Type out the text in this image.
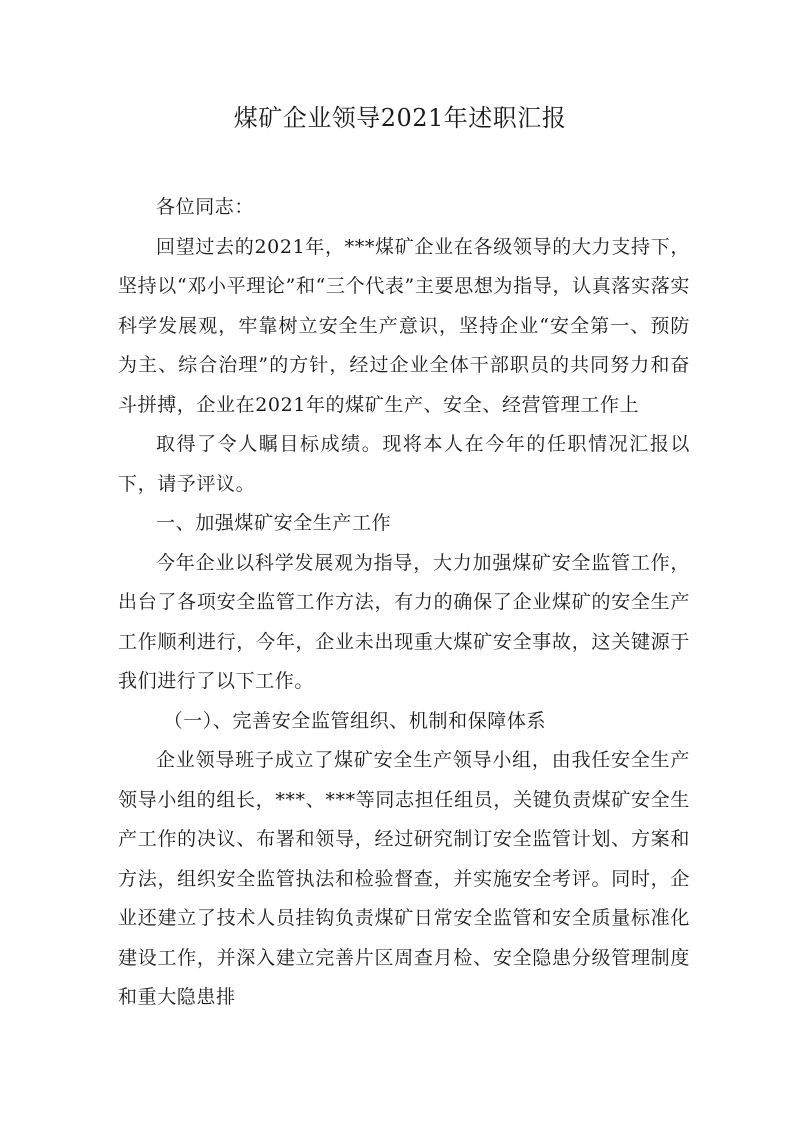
煤矿企业领导2021年述职汇报

各位同志：

回望过去的2021年，***煤矿企业在各级领导的大力支持下，坚持以“邓小平理论”和“三个代表”主要思想为指导，认真落实落实科学发展观，牢靠树立安全生产意识，坚持企业“安全第一、预防为主、综合治理”的方针，经过企业全体干部职员的共同努力和奋斗拼搏，企业在2021年的煤矿生产、安全、经营管理工作上

取得了令人瞩目标成绩。现将本人在今年的任职情况汇报以下，请予评议。

一、加强煤矿安全生产工作

今年企业以科学发展观为指导，大力加强煤矿安全监管工作，出台了各项安全监管工作方法，有力的确保了企业煤矿的安全生产工作顺利进行，今年，企业未出现重大煤矿安全事故，这关键源于我们进行了以下工作。

（一）、完善安全监管组织、机制和保障体系

企业领导班子成立了煤矿安全生产领导小组，由我任安全生产领导小组的组长，***、***等同志担任组员，关键负责煤矿安全生产工作的决议、布署和领导，经过研究制订安全监管计划、方案和方法，组织安全监管执法和检验督查，并实施安全考评。同时，企业还建立了技术人员挂钩负责煤矿日常安全监管和安全质量标准化建设工作，并深入建立完善片区周查月检、安全隐患分级管理制度和重大隐患排
